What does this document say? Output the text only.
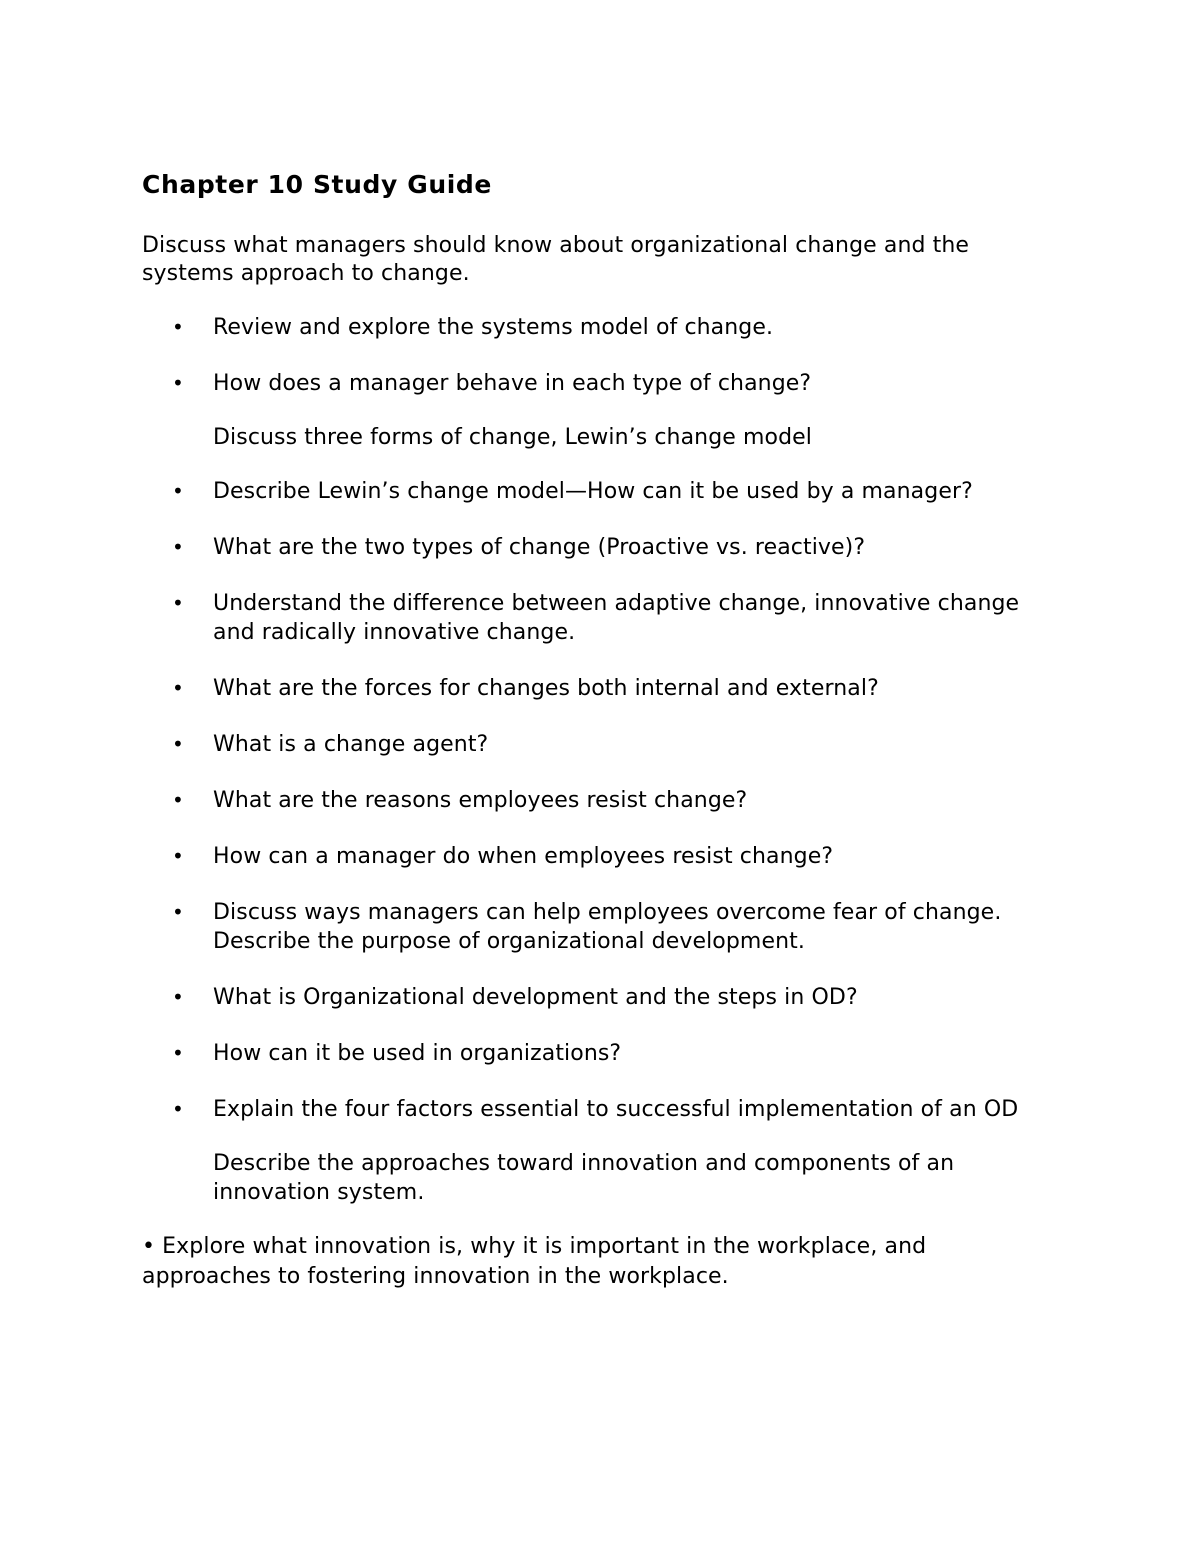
Chapter 10 Study Guide

Discuss what managers should know about organizational change and the systems approach to change.

• Review and explore the systems model of change.
• How does a manager behave in each type of change?

Discuss three forms of change, Lewin’s change model

• Describe Lewin’s change model—How can it be used by a manager?
• What are the two types of change (Proactive vs. reactive)?
• Understand the difference between adaptive change, innovative change and radically innovative change.
• What are the forces for changes both internal and external?
• What is a change agent?
• What are the reasons employees resist change?
• How can a manager do when employees resist change?
• Discuss ways managers can help employees overcome fear of change. Describe the purpose of organizational development.
• What is Organizational development and the steps in OD?
• How can it be used in organizations?
• Explain the four factors essential to successful implementation of an OD

Describe the approaches toward innovation and components of an innovation system.

• Explore what innovation is, why it is important in the workplace, and approaches to fostering innovation in the workplace.
